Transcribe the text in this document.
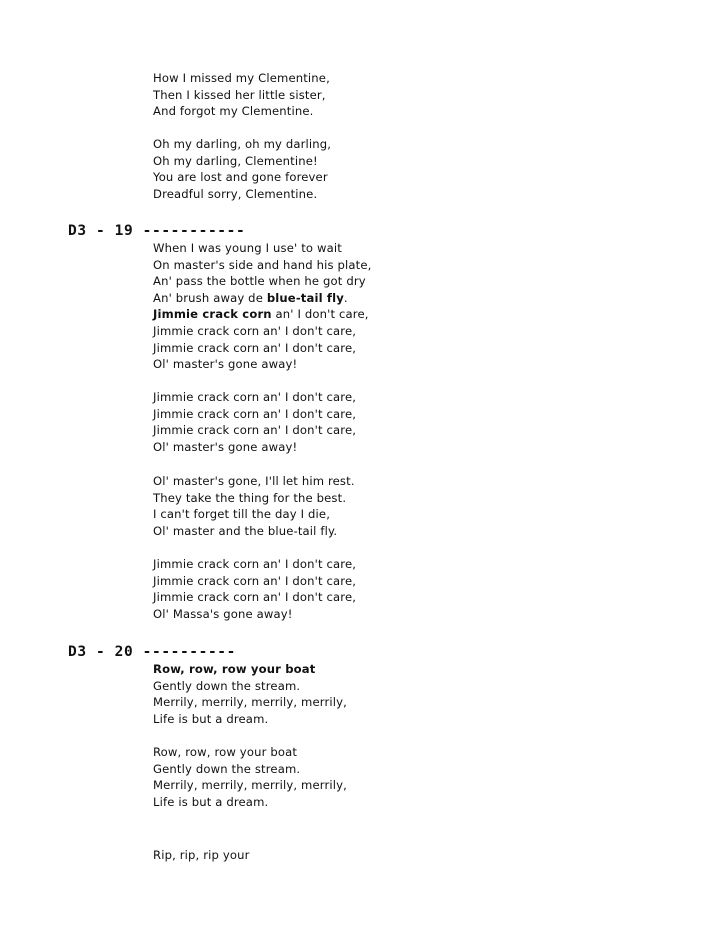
How I missed my Clementine,
Then I kissed her little sister,
And forgot my Clementine.
Oh my darling, oh my darling,
Oh my darling, Clementine!
You are lost and gone forever
Dreadful sorry, Clementine.
D3 - 19 -----------
When I was young I use' to wait
On master's side and hand his plate,
An' pass the bottle when he got dry
An' brush away de blue-tail fly.
Jimmie crack corn an' I don't care,
Jimmie crack corn an' I don't care,
Jimmie crack corn an' I don't care,
Ol' master's gone away!
Jimmie crack corn an' I don't care,
Jimmie crack corn an' I don't care,
Jimmie crack corn an' I don't care,
Ol' master's gone away!
Ol' master's gone, I'll let him rest.
They take the thing for the best.
I can't forget till the day I die,
Ol' master and the blue-tail fly.
Jimmie crack corn an' I don't care,
Jimmie crack corn an' I don't care,
Jimmie crack corn an' I don't care,
Ol' Massa's gone away!
D3 - 20 ----------
Row, row, row your boat
Gently down the stream.
Merrily, merrily, merrily, merrily,
Life is but a dream.
Row, row, row your boat
Gently down the stream.
Merrily, merrily, merrily, merrily,
Life is but a dream.
Rip, rip, rip your
